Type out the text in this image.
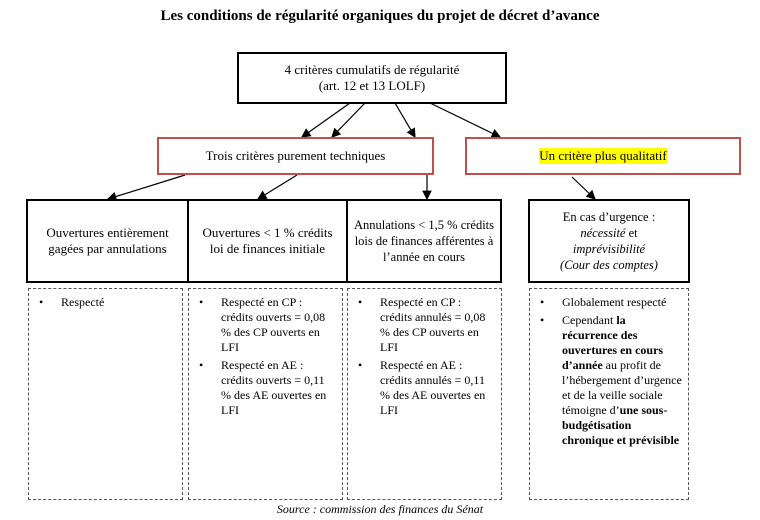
Les conditions de régularité organiques du projet de décret d’avance
4 critères cumulatifs de régularité
(art. 12 et 13 LOLF)
Trois critères purement techniques	Un critère plus qualitatif
Ouvertures entièrement gagées par annulations
Ouvertures < 1 % crédits loi de finances initiale
Annulations < 1,5 % crédits lois de finances afférentes à l’année en cours
En cas d’urgence :
nécessité et
imprévisibilité
(Cour des comptes)
• Respecté
•	Respecté en CP : crédits ouverts = 0,08 % des CP ouverts en LFI
• Respecté en AE : crédits ouverts = 0,11 % des AE ouvertes en LFI
• Respecté en CP : crédits annulés = 0,08 % des CP ouverts en LFI
• Respecté en AE : crédits annulés = 0,11 % des AE ouvertes en LFI
• Globalement respecté
• Cependant la récurrence des ouvertures en cours d’année au profit de l’hébergement d’urgence et de la veille sociale témoigne d’une sous-budgétisation chronique et prévisible
Source : commission des finances du Sénat
